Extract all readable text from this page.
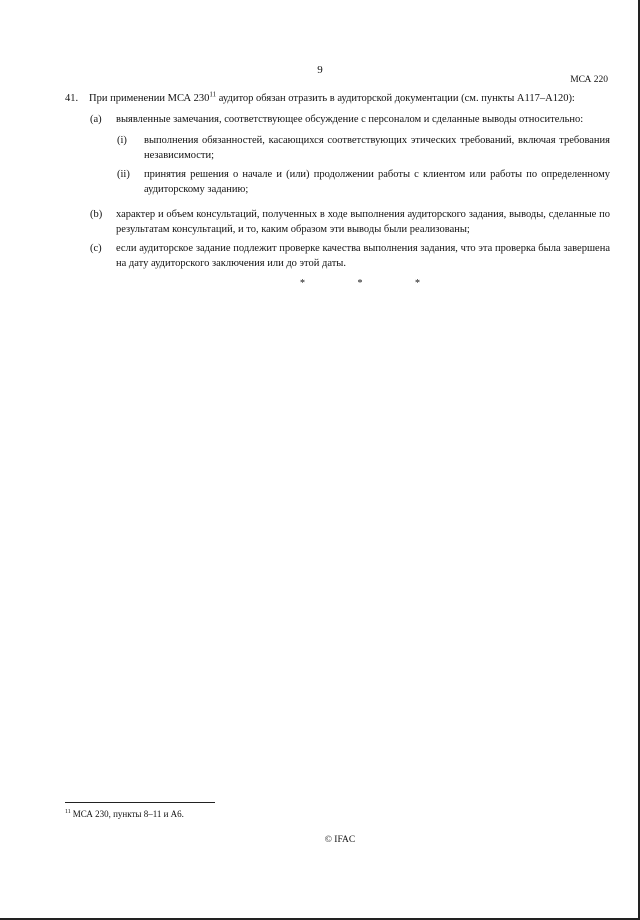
9
МСА 220
41. При применении МСА $230^{11}$ аудитор обязан отразить в аудиторской документации (см. пункты А117–А120):
(a) выявленные замечания, соответствующее обсуждение с персоналом и сделанные выводы относительно:
(i) выполнения обязанностей, касающихся соответствующих этических требований, включая требования независимости;
(ii) принятия решения о начале и (или) продолжении работы с клиентом или работы по определенному аудиторскому заданию;
(b) характер и объем консультаций, полученных в ходе выполнения аудиторского задания, выводы, сделанные по результатам консультаций, и то, каким образом эти выводы были реализованы;
(c) если аудиторское задание подлежит проверке качества выполнения задания, что эта проверка была завершена на дату аудиторского заключения или до этой даты.
*	*	*
$^{11}$ МСА 230, пункты 8–11 и А6.
© IFAC
